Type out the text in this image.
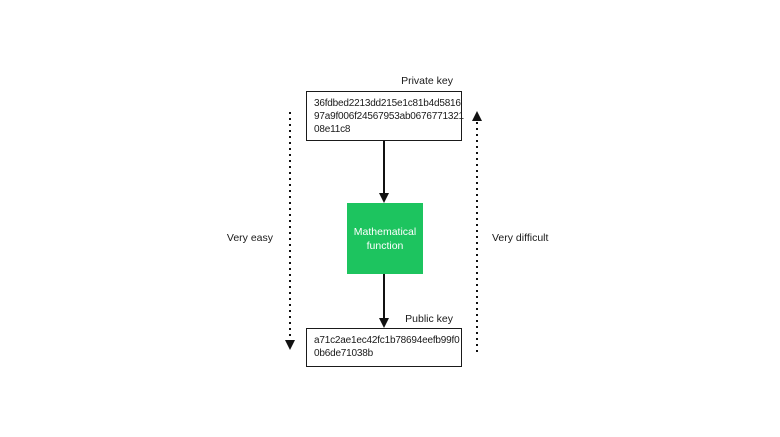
Private key
36fdbed2213dd215e1c81b4d5816
97a9f006f24567953ab0676771321
08e11c8
Mathematical
function
Public key
a71c2ae1ec42fc1b78694eefb99f0
0b6de71038b
Very easy	Very difficult
